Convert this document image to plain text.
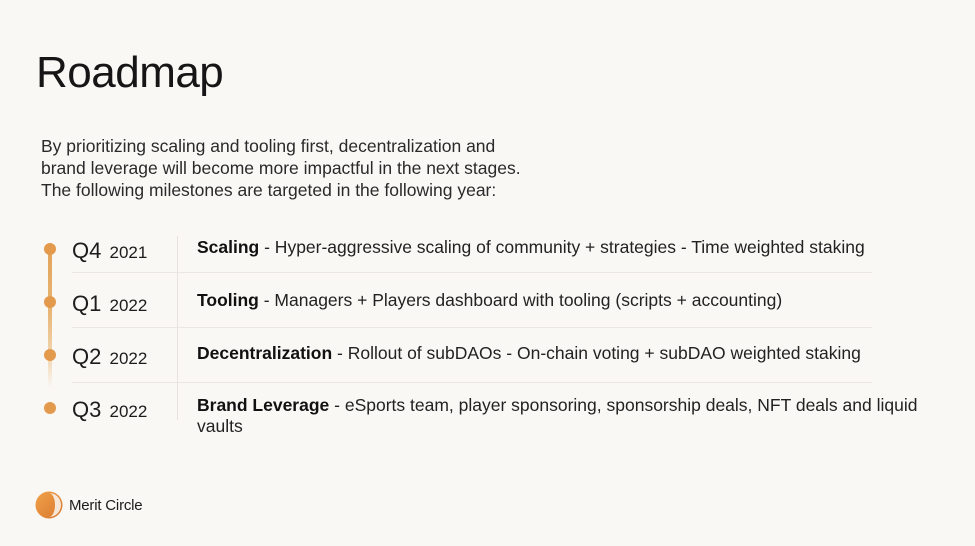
Roadmap
By prioritizing scaling and tooling first, decentralization and
brand leverage will become more impactful in the next stages.
The following milestones are targeted in the following year:
Q4 2021	Scaling - Hyper-aggressive scaling of community + strategies - Time weighted staking
Q1 2022	Tooling - Managers + Players dashboard with tooling (scripts + accounting)
Q2 2022	Decentralization - Rollout of subDAOs - On-chain voting + subDAO weighted staking
Q3 2022	Brand Leverage - eSports team, player sponsoring, sponsorship deals, NFT deals and liquid vaults
Merit Circle
